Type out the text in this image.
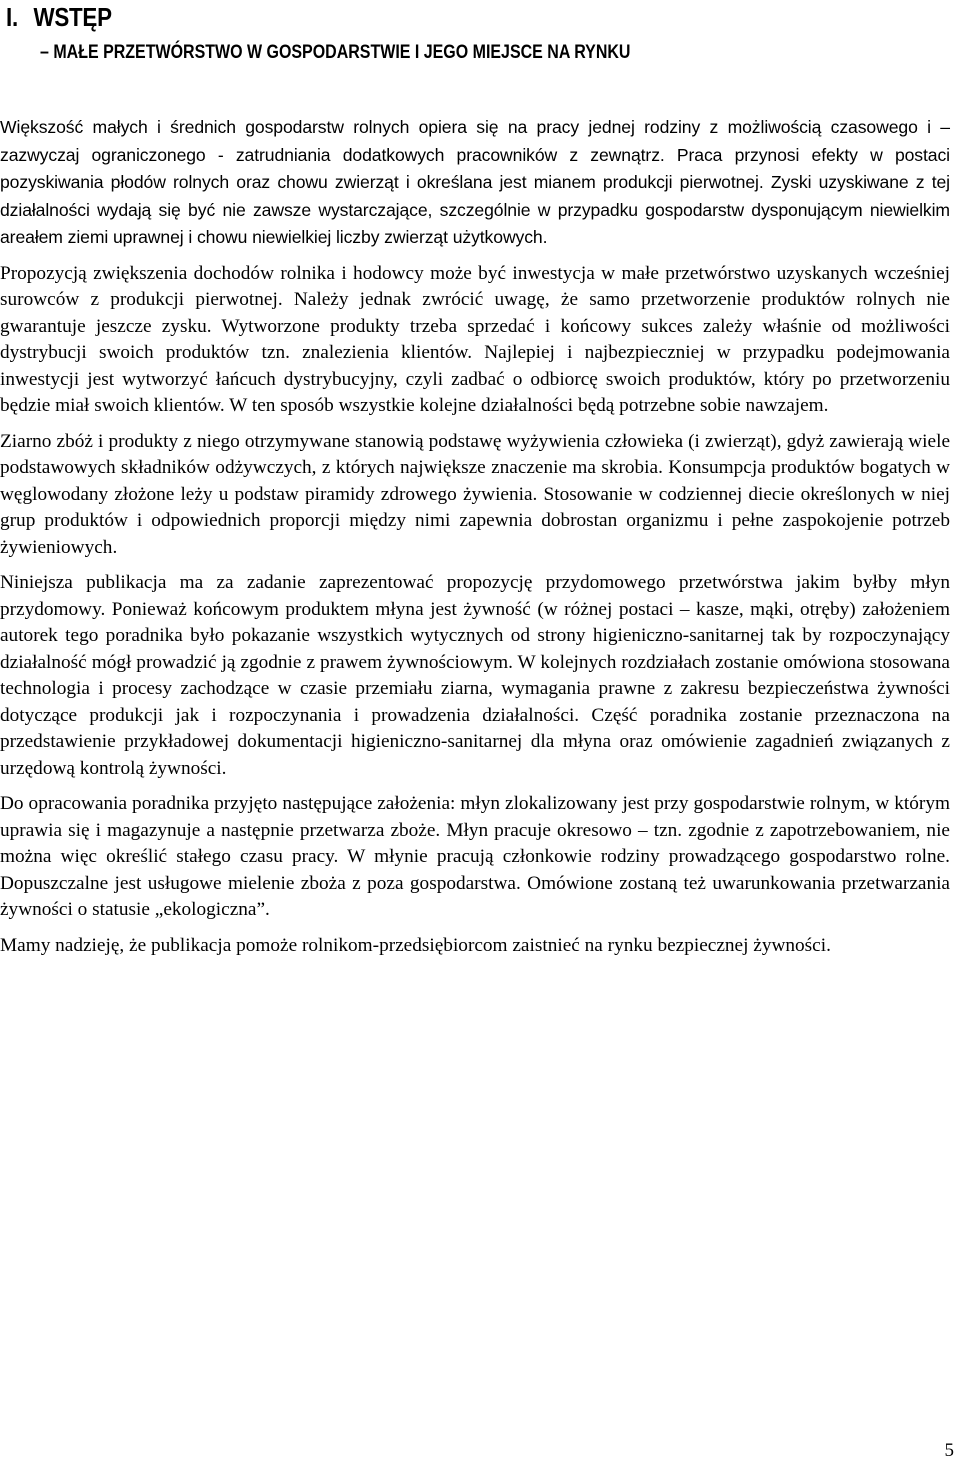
I. WSTĘP
– MAŁE PRZETWÓRSTWO W GOSPODARSTWIE I JEGO MIEJSCE NA RYNKU

Większość małych i średnich gospodarstw rolnych opiera się na pracy jednej rodziny z możliwością czasowego i – zazwyczaj ograniczonego - zatrudniania dodatkowych pracowników z zewnątrz. Praca przynosi efekty w postaci pozyskiwania płodów rolnych oraz chowu zwierząt i określana jest mianem produkcji pierwotnej. Zyski uzyskiwane z tej działalności wydają się być nie zawsze wystarczające, szczególnie w przypadku gospodarstw dysponującym niewielkim areałem ziemi uprawnej i chowu niewielkiej liczby zwierząt użytkowych.

Propozycją zwiększenia dochodów rolnika i hodowcy może być inwestycja w małe przetwórstwo uzyskanych wcześniej surowców z produkcji pierwotnej. Należy jednak zwrócić uwagę, że samo przetworzenie produktów rolnych nie gwarantuje jeszcze zysku. Wytworzone produkty trzeba sprzedać i końcowy sukces zależy właśnie od możliwości dystrybucji swoich produktów tzn. znalezienia klientów. Najlepiej i najbezpieczniej w przypadku podejmowania inwestycji jest wytworzyć łańcuch dystrybucyjny, czyli zadbać o odbiorcę swoich produktów, który po przetworzeniu będzie miał swoich klientów. W ten sposób wszystkie kolejne działalności będą potrzebne sobie nawzajem.

Ziarno zbóż i produkty z niego otrzymywane stanowią podstawę wyżywienia człowieka (i zwierząt), gdyż zawierają wiele podstawowych składników odżywczych, z których największe znaczenie ma skrobia. Konsumpcja produktów bogatych w węglowodany złożone leży u podstaw piramidy zdrowego żywienia. Stosowanie w codziennej diecie określonych w niej grup produktów i odpowiednich proporcji między nimi zapewnia dobrostan organizmu i pełne zaspokojenie potrzeb żywieniowych.

Niniejsza publikacja ma za zadanie zaprezentować propozycję przydomowego przetwórstwa jakim byłby młyn przydomowy. Ponieważ końcowym produktem młyna jest żywność (w różnej postaci – kasze, mąki, otręby) założeniem autorek tego poradnika było pokazanie wszystkich wytycznych od strony higieniczno-sanitarnej tak by rozpoczynający działalność mógł prowadzić ją zgodnie z prawem żywnościowym. W kolejnych rozdziałach zostanie omówiona stosowana technologia i procesy zachodzące w czasie przemiału ziarna, wymagania prawne z zakresu bezpieczeństwa żywności dotyczące produkcji jak i rozpoczynania i prowadzenia działalności. Część poradnika zostanie przeznaczona na przedstawienie przykładowej dokumentacji higieniczno-sanitarnej dla młyna oraz omówienie zagadnień związanych z urzędową kontrolą żywności.

Do opracowania poradnika przyjęto następujące założenia: młyn zlokalizowany jest przy gospodarstwie rolnym, w którym uprawia się i magazynuje a następnie przetwarza zboże. Młyn pracuje okresowo – tzn. zgodnie z zapotrzebowaniem, nie można więc określić stałego czasu pracy. W młynie pracują członkowie rodziny prowadzącego gospodarstwo rolne. Dopuszczalne jest usługowe mielenie zboża z poza gospodarstwa. Omówione zostaną też uwarunkowania przetwarzania żywności o statusie „ekologiczna”.

Mamy nadzieję, że publikacja pomoże rolnikom-przedsiębiorcom zaistnieć na rynku bezpiecznej żywności.

5
